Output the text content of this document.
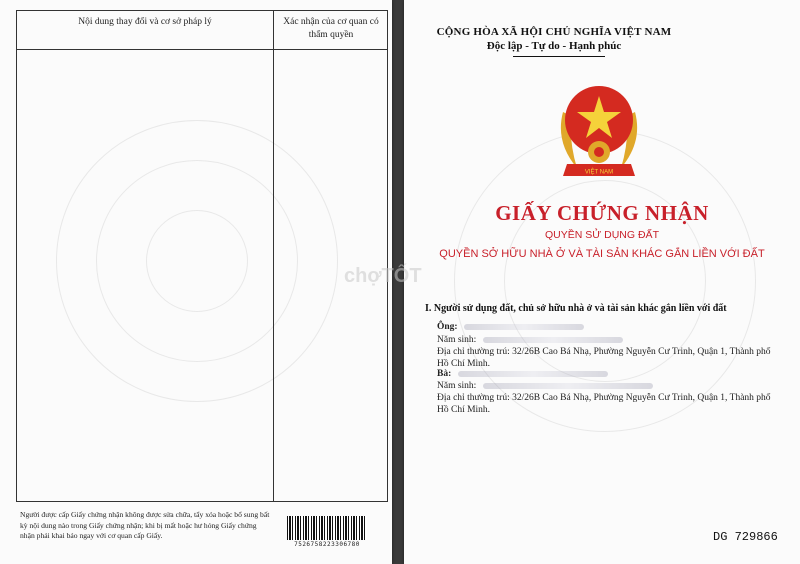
Nội dung thay đổi và cơ sở pháp lý	Xác nhận của cơ quan có thẩm quyền
Người được cấp Giấy chứng nhận không được sửa chữa, tẩy xóa hoặc bổ sung bất kỳ nội dung nào trong Giấy chứng nhận; khi bị mất hoặc hư hỏng Giấy chứng nhận phải khai báo ngay với cơ quan cấp Giấy.
7526758223306780
CỘNG HÒA XÃ HỘI CHỦ NGHĨA VIỆT NAM
Độc lập - Tự do - Hạnh phúc
VIỆT NAM
GIẤY CHỨNG NHẬN
QUYỀN SỬ DỤNG ĐẤT
QUYỀN SỞ HỮU NHÀ Ở VÀ TÀI SẢN KHÁC GẮN LIỀN VỚI ĐẤT
chợTỐT
I. Người sử dụng đất, chủ sở hữu nhà ở và tài sản khác gắn liền với đất
Ông:
Năm sinh:
Địa chỉ thường trú: 32/26B Cao Bá Nhạ, Phường Nguyễn Cư Trinh, Quận 1, Thành phố
Hồ Chí Minh.
Bà:
Năm sinh:
Địa chỉ thường trú: 32/26B Cao Bá Nhạ, Phường Nguyễn Cư Trinh, Quận 1, Thành phố
Hồ Chí Minh.
DG 729866
